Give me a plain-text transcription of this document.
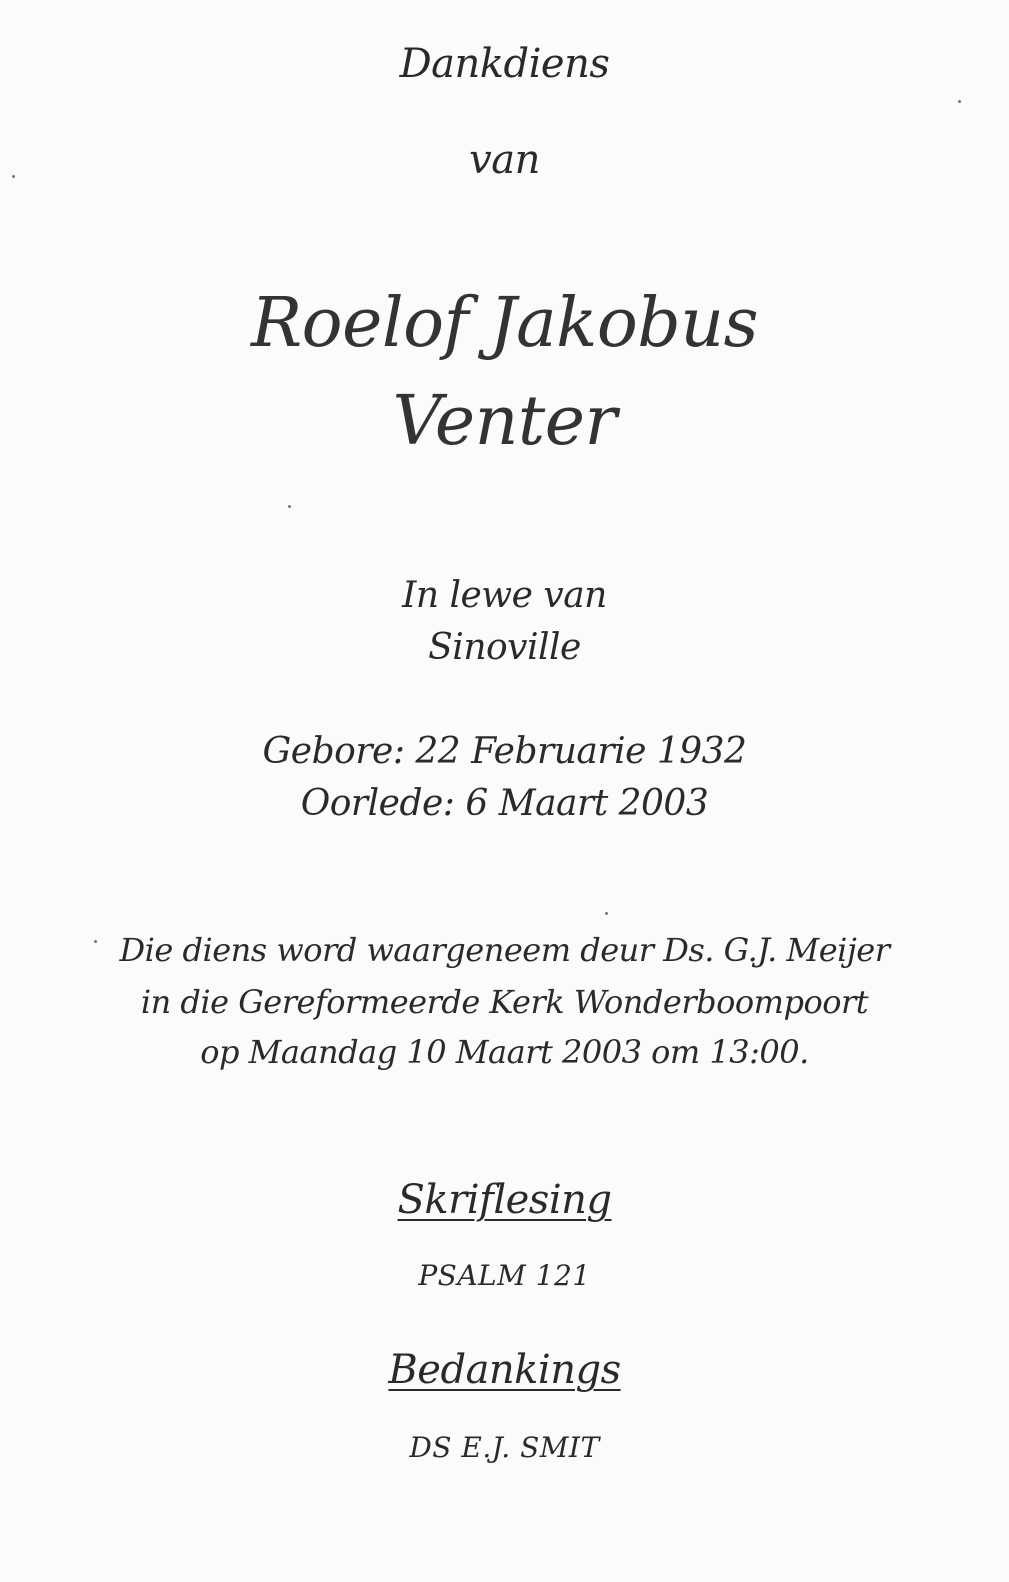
Dankdiens
van
Roelof Jakobus
Venter
In lewe van
Sinoville
Gebore: 22 Februarie 1932
Oorlede: 6 Maart 2003
Die diens word waargeneem deur Ds. G.J. Meijer
in die Gereformeerde Kerk Wonderboompoort
op Maandag 10 Maart 2003 om 13:00.
Skriflesing
PSALM 121
Bedankings
DS E.J. SMIT
